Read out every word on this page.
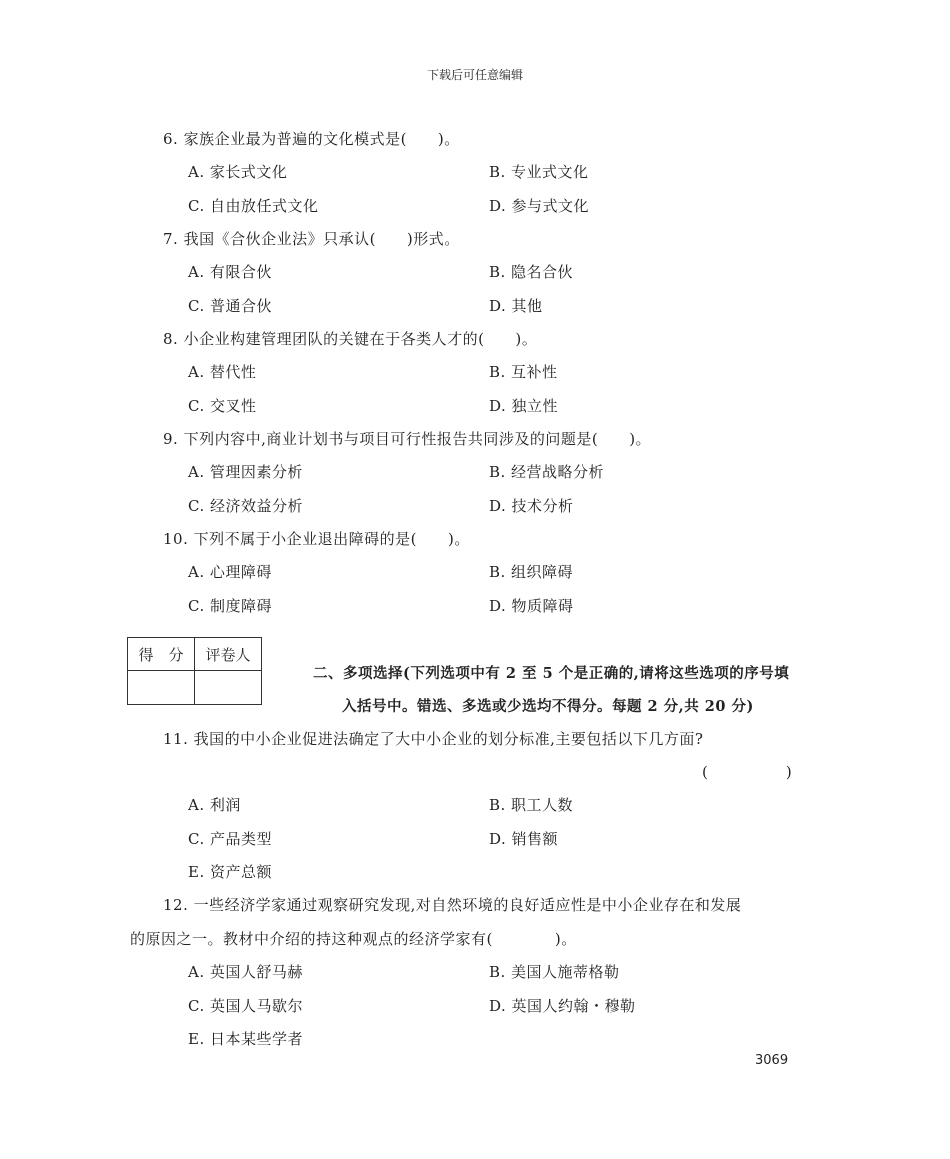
下载后可任意编辑
6. 家族企业最为普遍的文化模式是(　　)。
A. 家长式文化	B. 专业式文化
C. 自由放任式文化	D. 参与式文化
7. 我国《合伙企业法》只承认(　　)形式。
A. 有限合伙	B. 隐名合伙
C. 普通合伙	D. 其他
8. 小企业构建管理团队的关键在于各类人才的(　　)。
A. 替代性	B. 互补性
C. 交叉性	D. 独立性
9. 下列内容中,商业计划书与项目可行性报告共同涉及的问题是(　　)。
A. 管理因素分析	B. 经营战略分析
C. 经济效益分析	D. 技术分析
10. 下列不属于小企业退出障碍的是(　　)。
A. 心理障碍	B. 组织障碍
C. 制度障碍	D. 物质障碍
得　分	评卷人

二、多项选择(下列选项中有 2 至 5 个是正确的,请将这些选项的序号填
入括号中。错选、多选或少选均不得分。每题 2 分,共 20 分)
11. 我国的中小企业促进法确定了大中小企业的划分标准,主要包括以下几方面?
(　　　　　)
A. 利润	B. 职工人数
C. 产品类型	D. 销售额
E. 资产总额
12. 一些经济学家通过观察研究发现,对自然环境的良好适应性是中小企业存在和发展
的原因之一。教材中介绍的持这种观点的经济学家有(　　　　)。
A. 英国人舒马赫	B. 美国人施蒂格勒
C. 英国人马歇尔	D. 英国人约翰・穆勒
E. 日本某些学者
3069
